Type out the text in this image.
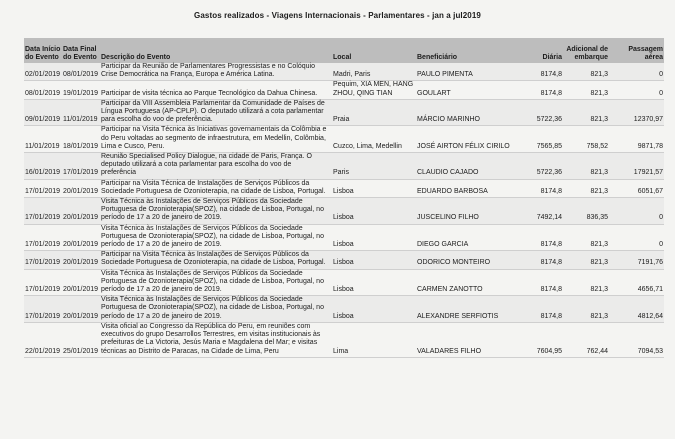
Gastos realizados - Viagens Internacionais - Parlamentares - jan a jul2019
Data Início do Evento	Data Final do Evento	Descrição do Evento	Local	Beneficiário	Diária	Adicional de embarque	Passagem aérea
02/01/2019	08/01/2019	Participar da Reunião de Parlamentares Progressistas e no Colóquio Crise Democrática na França, Europa e América Latina.	Madri, Paris	PAULO PIMENTA	8174,8	821,3	0
08/01/2019	19/01/2019	Participar de visita técnica ao Parque Tecnológico da Dahua Chinesa.	Pequim, XIA MEN, HANG ZHOU, QING TIAN	GOULART	8174,8	821,3	0
09/01/2019	11/01/2019	Participar da VIII Assembleia Parlamentar da Comunidade de Países de Língua Portuguesa (AP-CPLP). O deputado utilizará a cota parlamentar para escolha do voo de preferência.	Praia	MÁRCIO MARINHO	5722,36	821,3	12370,97
11/01/2019	18/01/2019	Participar na Visita Técnica às Iniciativas governamentais da Colômbia e do Peru voltadas ao segmento de infraestrutura, em Medellin, Colômbia, Lima e Cusco, Peru.	Cuzco, Lima, Medellin	JOSÉ AIRTON FÉLIX CIRILO	7565,85	758,52	9871,78
16/01/2019	17/01/2019	Reunião Specialised Policy Dialogue, na cidade de Paris, França. O deputado utilizará a cota parlamentar para escolha do voo de preferência	Paris	CLAUDIO CAJADO	5722,36	821,3	17921,57
17/01/2019	20/01/2019	Participar na Visita Técnica de Instalações de Serviços Públicos da Sociedade Portuguesa de Ozonioterapia, na cidade de Lisboa, Portugal.	Lisboa	EDUARDO BARBOSA	8174,8	821,3	6051,67
17/01/2019	20/01/2019	Visita Técnica às Instalações de Serviços Públicos da Sociedade Portuguesa de Ozonioterapia(SPOZ), na cidade de Lisboa, Portugal, no período de 17 a 20 de janeiro de 2019.	Lisboa	JUSCELINO FILHO	7492,14	836,35	0
17/01/2019	20/01/2019	Visita Técnica às Instalações de Serviços Públicos da Sociedade Portuguesa de Ozonioterapia(SPOZ), na cidade de Lisboa, Portugal, no período de 17 a 20 de janeiro de 2019.	Lisboa	DIEGO GARCIA	8174,8	821,3	0
17/01/2019	20/01/2019	Participar na Visita Técnica às Instalações de Serviços Públicos da Sociedade Portuguesa de Ozonioterapia, na cidade de Lisboa, Portugal.	Lisboa	ODORICO MONTEIRO	8174,8	821,3	7191,76
17/01/2019	20/01/2019	Visita Técnica às Instalações de Serviços Públicos da Sociedade Portuguesa de Ozonioterapia(SPOZ), na cidade de Lisboa, Portugal, no período de 17 a 20 de janeiro de 2019.	Lisboa	CARMEN ZANOTTO	8174,8	821,3	4656,71
17/01/2019	20/01/2019	Visita Técnica às Instalações de Serviços Públicos da Sociedade Portuguesa de Ozonioterapia(SPOZ), na cidade de Lisboa, Portugal, no período de 17 a 20 de janeiro de 2019.	Lisboa	ALEXANDRE SERFIOTIS	8174,8	821,3	4812,64
22/01/2019	25/01/2019	Visita oficial ao Congresso da República do Peru, em reuniões com executivos do grupo Desarrollos Terrestres, em visitas institucionais às prefeituras de La Victoria, Jesús Maria e Magdalena del Mar; e visitas técnicas ao Distrito de Paracas, na Cidade de Lima, Peru	Lima	VALADARES FILHO	7604,95	762,44	7094,53
